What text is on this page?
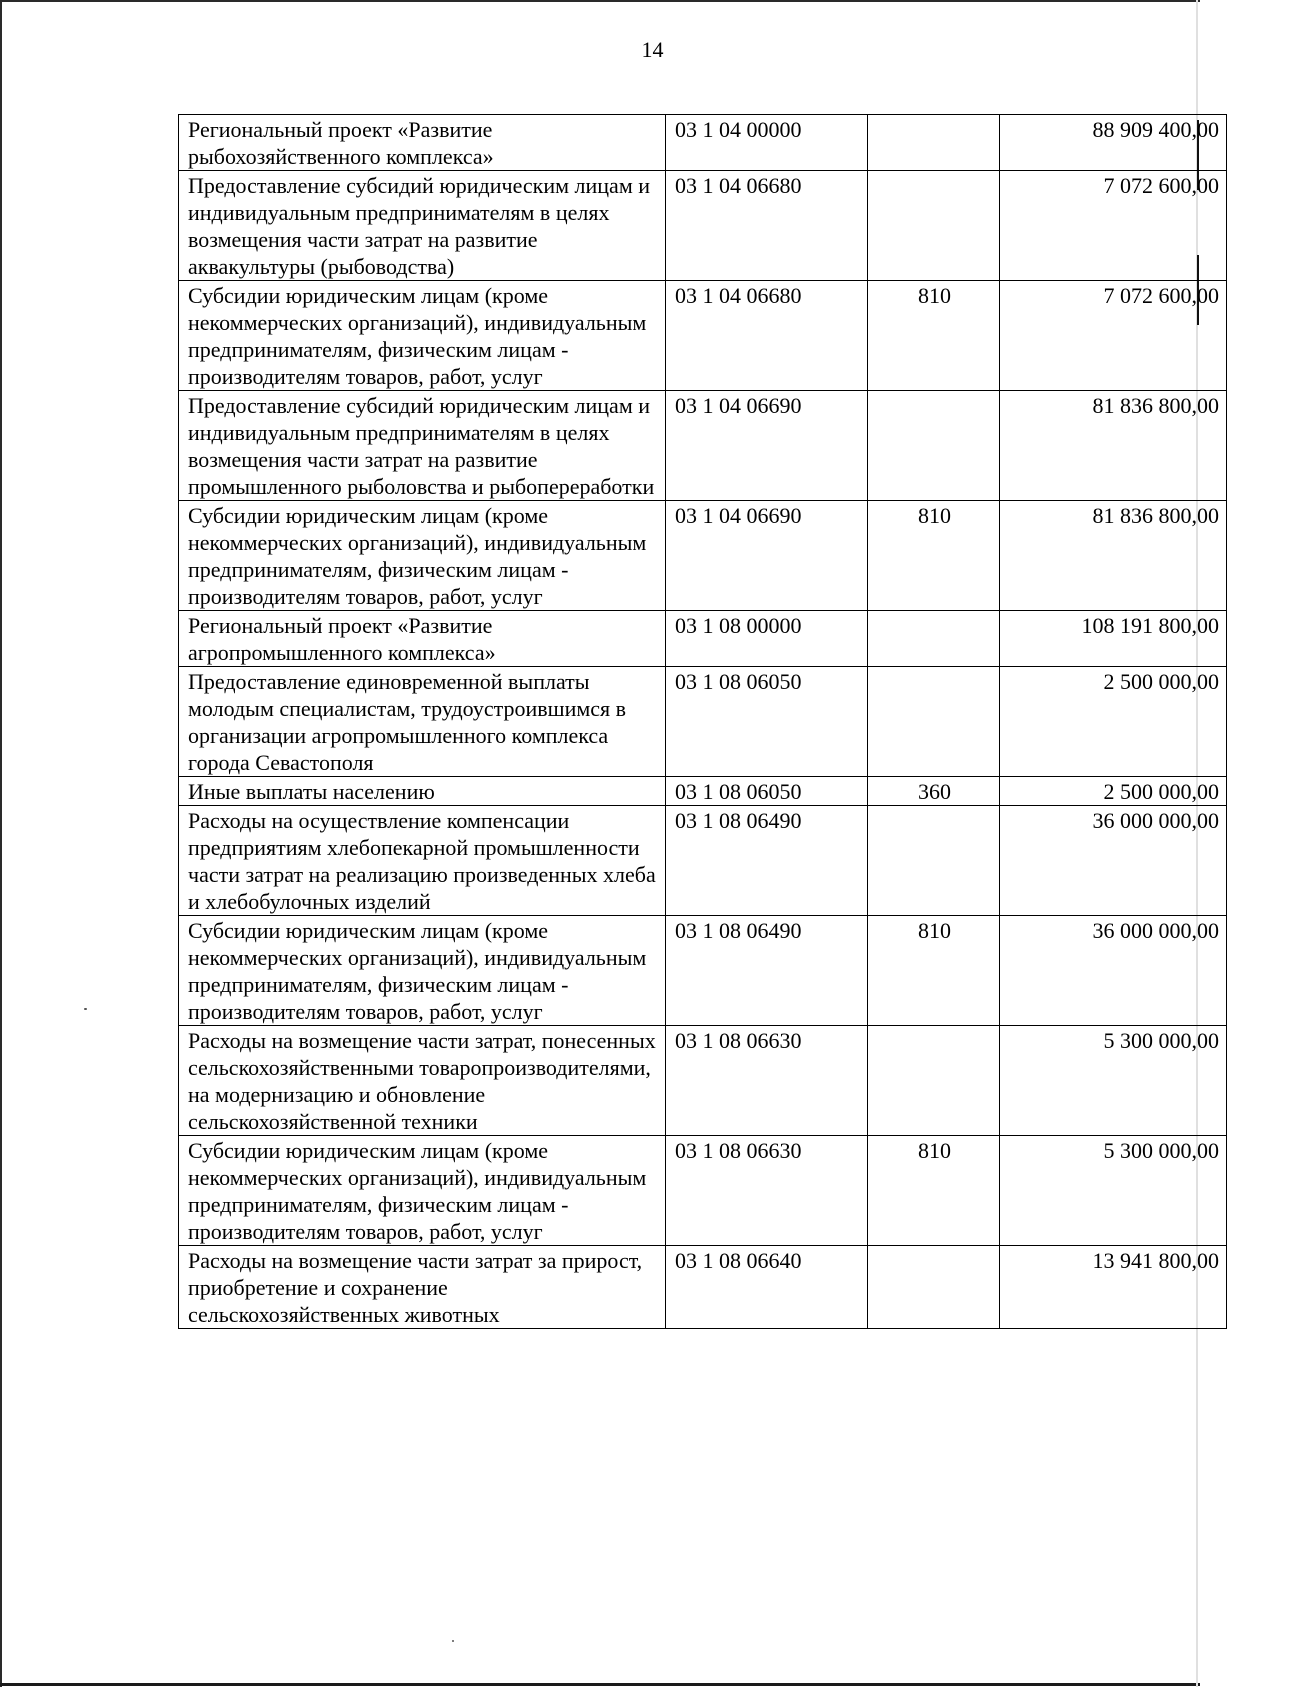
14
Региональный проект «Развитие рыбохозяйственного комплекса»	03 1 04 00000		88 909 400,00
Предоставление субсидий юридическим лицам и индивидуальным предпринимателям в целях возмещения части затрат на развитие аквакультуры (рыбоводства)	03 1 04 06680		7 072 600,00
Субсидии юридическим лицам (кроме некоммерческих организаций), индивидуальным предпринимателям, физическим лицам - производителям товаров, работ, услуг	03 1 04 06680	810	7 072 600,00
Предоставление субсидий юридическим лицам и индивидуальным предпринимателям в целях возмещения части затрат на развитие промышленного рыболовства и рыбопереработки	03 1 04 06690		81 836 800,00
Субсидии юридическим лицам (кроме некоммерческих организаций), индивидуальным предпринимателям, физическим лицам - производителям товаров, работ, услуг	03 1 04 06690	810	81 836 800,00
Региональный проект «Развитие агропромышленного комплекса»	03 1 08 00000		108 191 800,00
Предоставление единовременной выплаты молодым специалистам, трудоустроившимся в организации агропромышленного комплекса города Севастополя	03 1 08 06050		2 500 000,00
Иные выплаты населению	03 1 08 06050	360	2 500 000,00
Расходы на осуществление компенсации предприятиям хлебопекарной промышленности части затрат на реализацию произведенных хлеба и хлебобулочных изделий	03 1 08 06490		36 000 000,00
Субсидии юридическим лицам (кроме некоммерческих организаций), индивидуальным предпринимателям, физическим лицам - производителям товаров, работ, услуг	03 1 08 06490	810	36 000 000,00
Расходы на возмещение части затрат, понесенных сельскохозяйственными товаропроизводителями, на модернизацию и обновление сельскохозяйственной техники	03 1 08 06630		5 300 000,00
Субсидии юридическим лицам (кроме некоммерческих организаций), индивидуальным предпринимателям, физическим лицам - производителям товаров, работ, услуг	03 1 08 06630	810	5 300 000,00
Расходы на возмещение части затрат за прирост, приобретение и сохранение сельскохозяйственных животных	03 1 08 06640		13 941 800,00
